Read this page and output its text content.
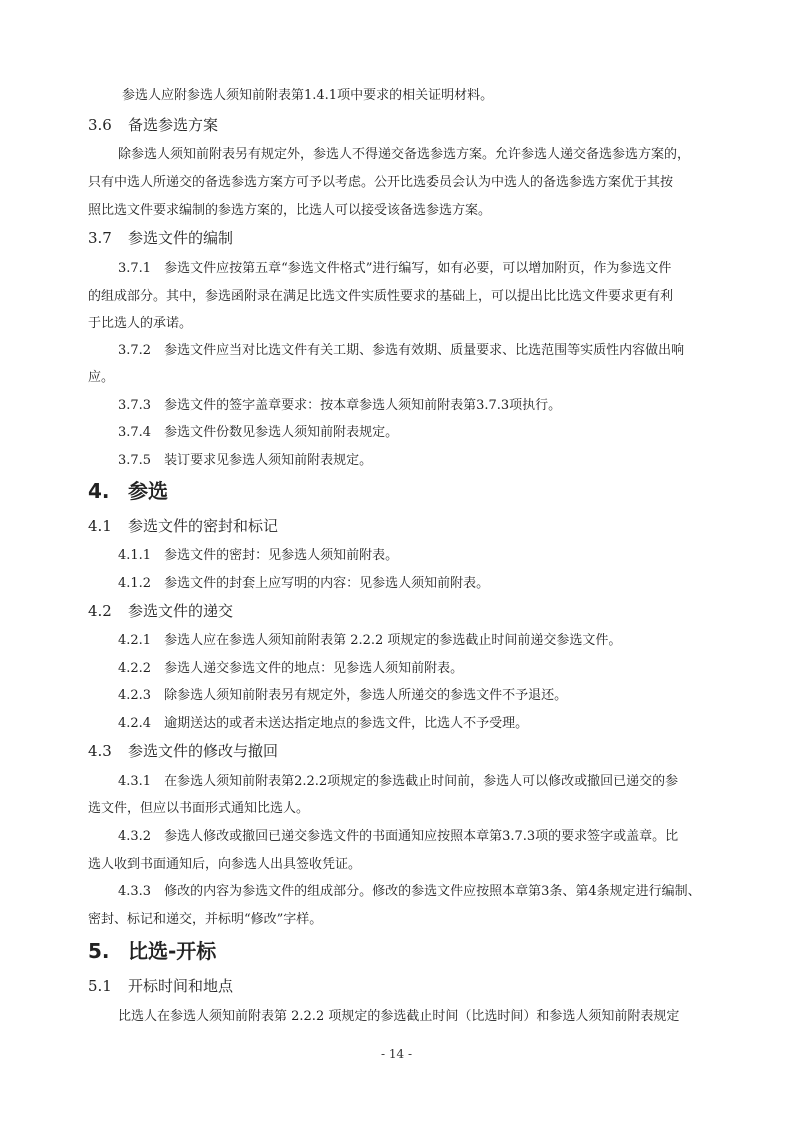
参选人应附参选人须知前附表第1.4.1项中要求的相关证明材料。
3.6 备选参选方案
除参选人须知前附表另有规定外，参选人不得递交备选参选方案。允许参选人递交备选参选方案的，
只有中选人所递交的备选参选方案方可予以考虑。公开比选委员会认为中选人的备选参选方案优于其按
照比选文件要求编制的参选方案的，比选人可以接受该备选参选方案。
3.7 参选文件的编制
3.7.1　参选文件应按第五章“参选文件格式”进行编写，如有必要，可以增加附页，作为参选文件
的组成部分。其中，参选函附录在满足比选文件实质性要求的基础上，可以提出比比选文件要求更有利
于比选人的承诺。
3.7.2　参选文件应当对比选文件有关工期、参选有效期、质量要求、比选范围等实质性内容做出响
应。
3.7.3　参选文件的签字盖章要求：按本章参选人须知前附表第3.7.3项执行。
3.7.4　参选文件份数见参选人须知前附表规定。
3.7.5　装订要求见参选人须知前附表规定。
4. 参选
4.1 参选文件的密封和标记
4.1.1　参选文件的密封：见参选人须知前附表。
4.1.2　参选文件的封套上应写明的内容：见参选人须知前附表。
4.2 参选文件的递交
4.2.1　参选人应在参选人须知前附表第 2.2.2 项规定的参选截止时间前递交参选文件。
4.2.2　参选人递交参选文件的地点：见参选人须知前附表。
4.2.3　除参选人须知前附表另有规定外，参选人所递交的参选文件不予退还。
4.2.4　逾期送达的或者未送达指定地点的参选文件，比选人不予受理。
4.3 参选文件的修改与撤回
4.3.1　在参选人须知前附表第2.2.2项规定的参选截止时间前，参选人可以修改或撤回已递交的参
选文件，但应以书面形式通知比选人。
4.3.2　参选人修改或撤回已递交参选文件的书面通知应按照本章第3.7.3项的要求签字或盖章。比
选人收到书面通知后，向参选人出具签收凭证。
4.3.3　修改的内容为参选文件的组成部分。修改的参选文件应按照本章第3条、第4条规定进行编制、
密封、标记和递交，并标明“修改”字样。
5. 比选-开标
5.1 开标时间和地点
比选人在参选人须知前附表第 2.2.2 项规定的参选截止时间（比选时间）和参选人须知前附表规定
- 14 -
